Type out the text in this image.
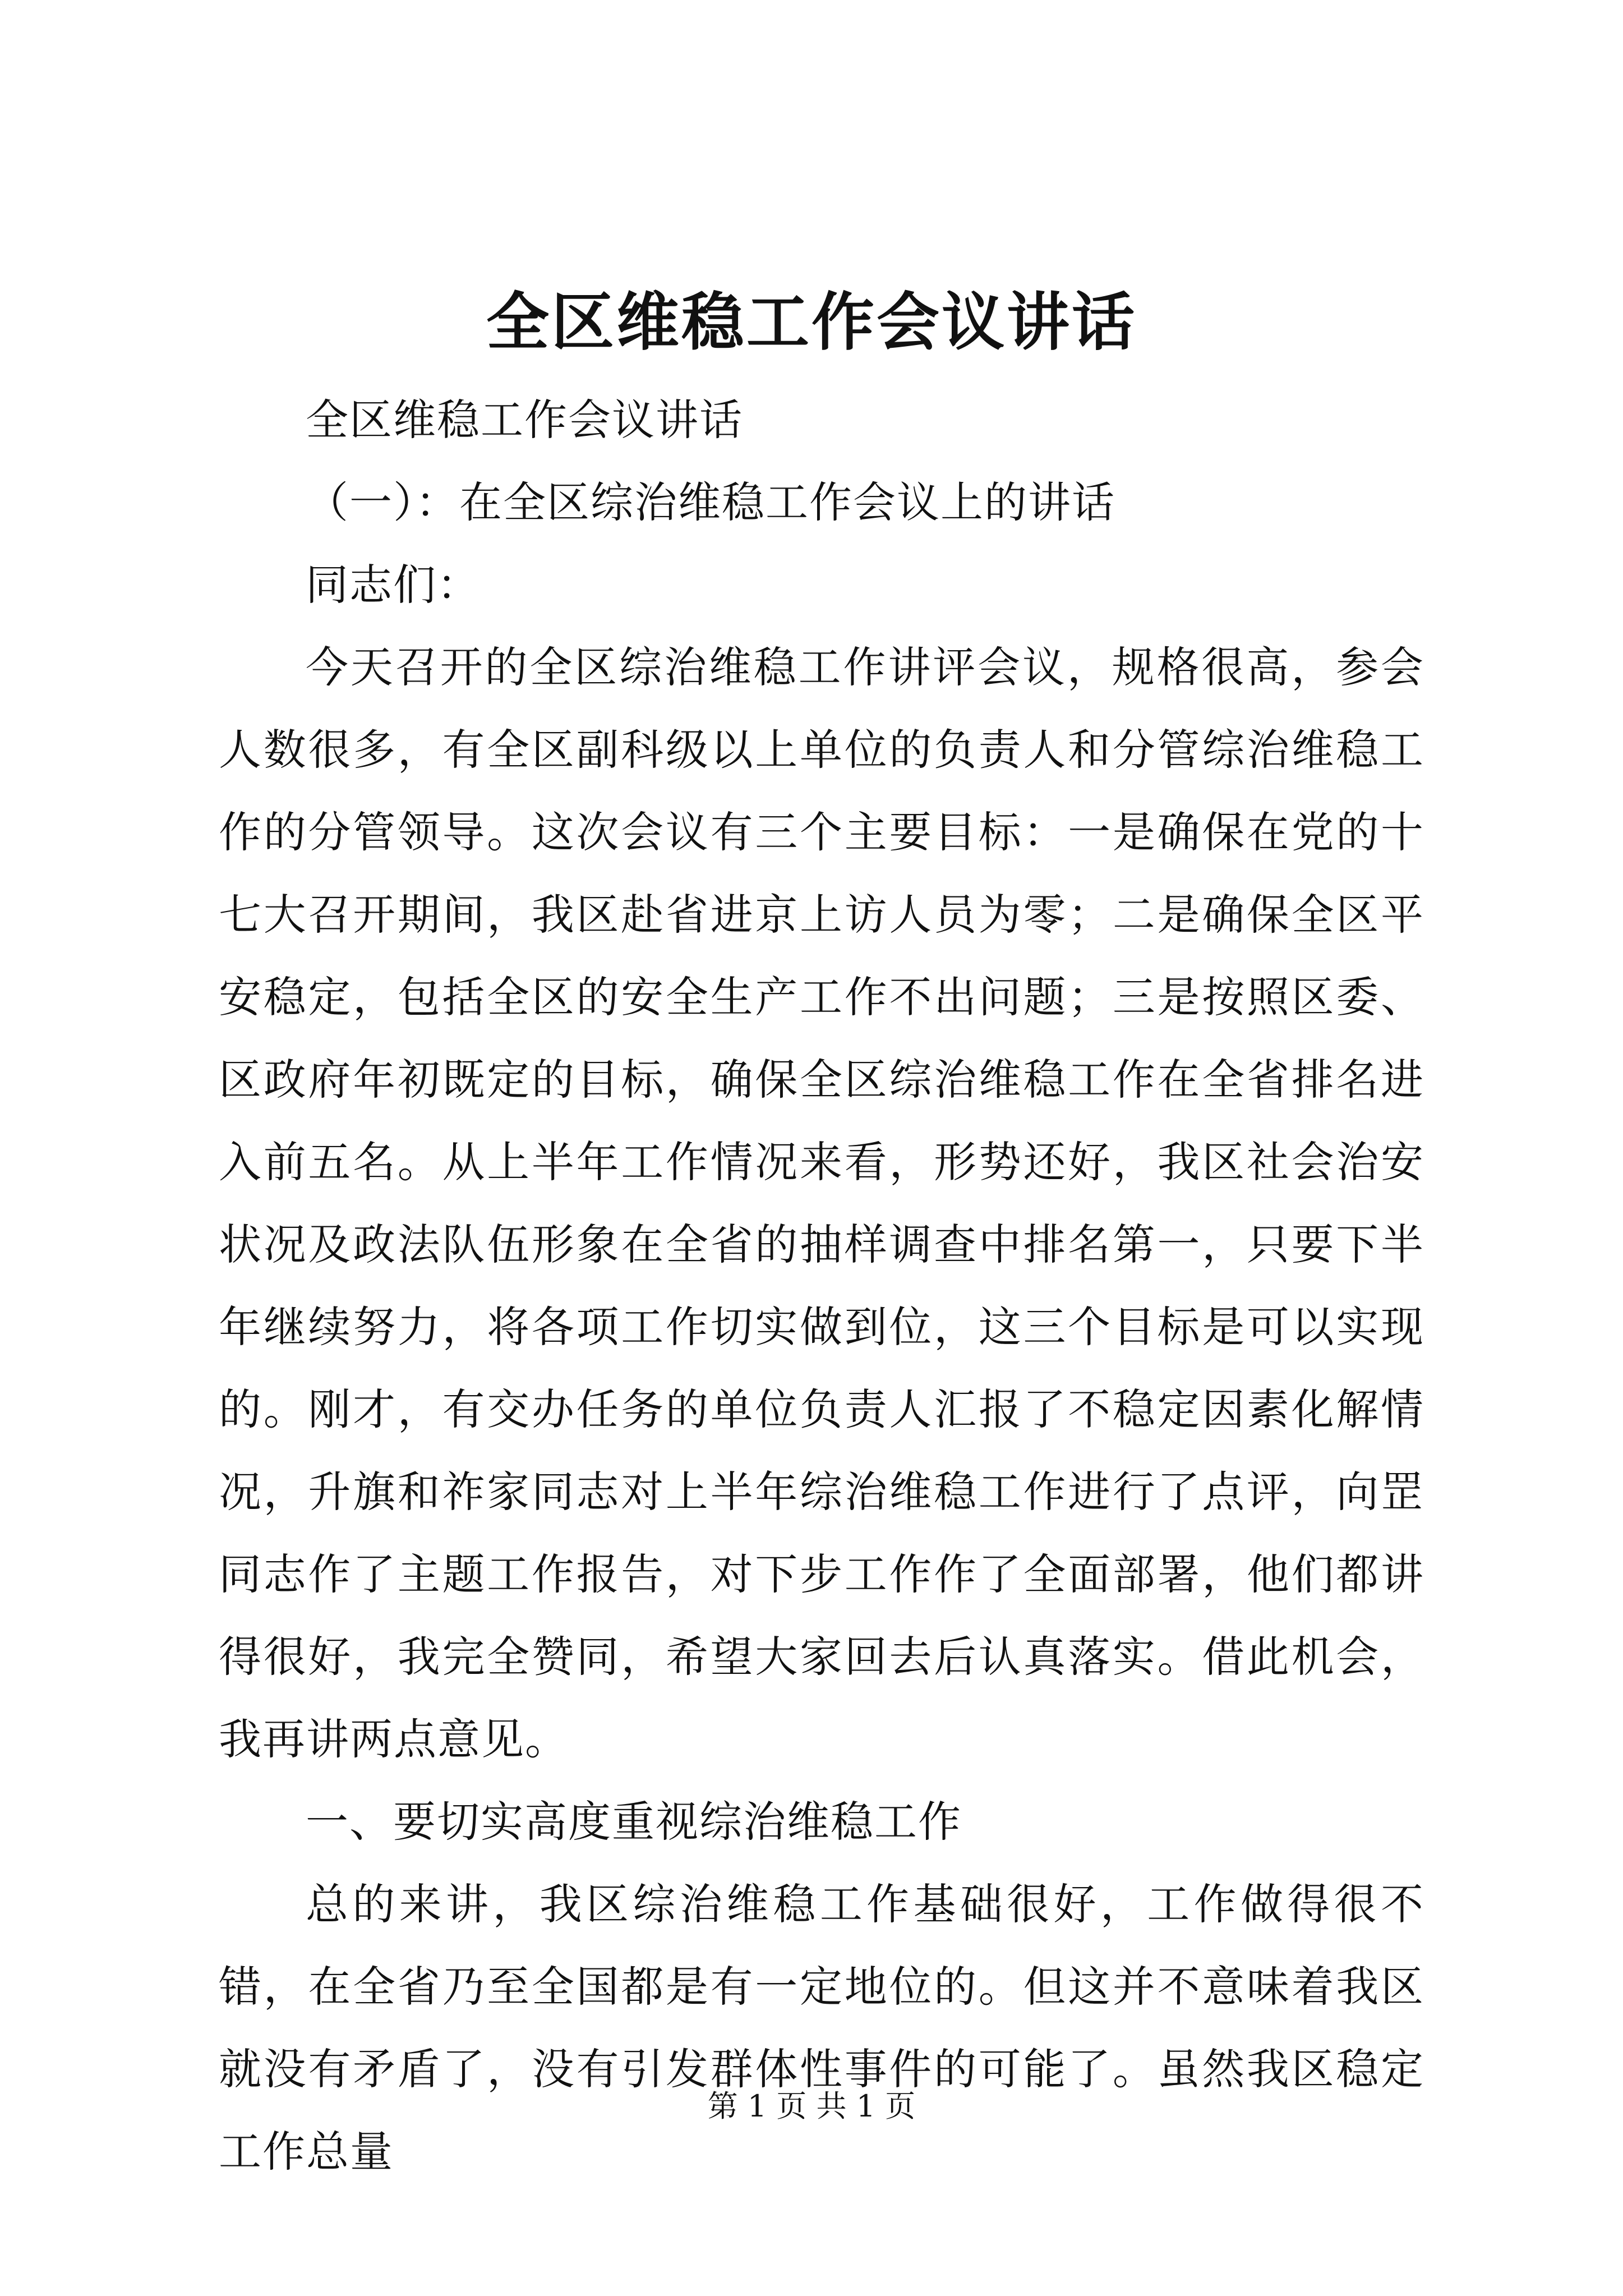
全区维稳工作会议讲话

全区维稳工作会议讲话

（一）：在全区综治维稳工作会议上的讲话

同志们：

今天召开的全区综治维稳工作讲评会议，规格很高，参会人数很多，有全区副科级以上单位的负责人和分管综治维稳工作的分管领导。这次会议有三个主要目标：一是确保在党的十七大召开期间，我区赴省进京上访人员为零；二是确保全区平安稳定，包括全区的安全生产工作不出问题；三是按照区委、区政府年初既定的目标，确保全区综治维稳工作在全省排名进入前五名。从上半年工作情况来看，形势还好，我区社会治安状况及政法队伍形象在全省的抽样调查中排名第一，只要下半年继续努力，将各项工作切实做到位，这三个目标是可以实现的。刚才，有交办任务的单位负责人汇报了不稳定因素化解情况，升旗和祚家同志对上半年综治维稳工作进行了点评，向罡同志作了主题工作报告，对下步工作作了全面部署，他们都讲得很好，我完全赞同，希望大家回去后认真落实。借此机会，我再讲两点意见。

一、要切实高度重视综治维稳工作

总的来讲，我区综治维稳工作基础很好，工作做得很不错，在全省乃至全国都是有一定地位的。但这并不意味着我区就没有矛盾了，没有引发群体性事件的可能了。虽然我区稳定工作总量

第 1 页 共 1 页
